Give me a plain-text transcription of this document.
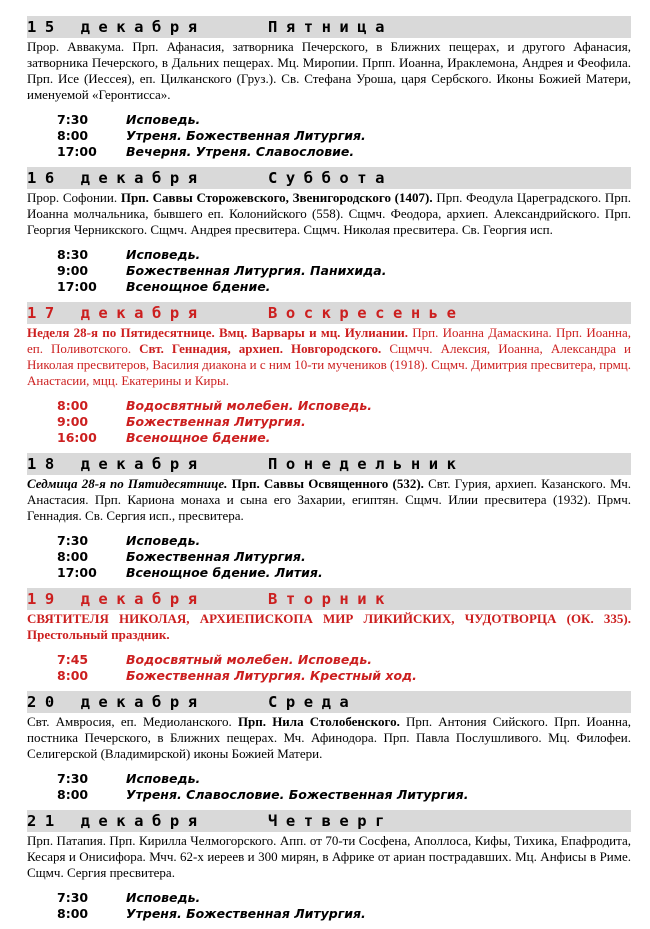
15 декабря	Пятница
Прор. Аввакума. Прп. Афанасия, затворника Печерского, в Ближних пещерах, и другого Афанасия, затворника Печерского, в Дальних пещерах. Мц. Миропии. Прпп. Иоанна, Ираклемона, Андрея и Феофила. Прп. Исе (Иессея), еп. Цилканского (Груз.). Св. Стефана Уроша, царя Сербского. Иконы Божией Матери, именуемой «Геронтисса».
7:30	Исповедь.
8:00	Утреня. Божественная Литургия.
17:00 Вечерня. Утреня. Славословие.
16 декабря	Суббота
Прор. Софонии. Прп. Саввы Сторожевского, Звенигородского (1407). Прп. Феодула Цареградского. Прп. Иоанна молчальника, бывшего еп. Колонийского (558). Сщмч. Феодора, архиеп. Александрийского. Прп. Георгия Черникского. Сщмч. Андрея пресвитера. Сщмч. Николая пресвитера. Св. Георгия исп.
8:30	Исповедь.
9:00	Божественная Литургия. Панихида.
17:00 Всенощное бдение.
17 декабря	Воскресенье
Неделя 28-я по Пятидесятнице. Вмц. Варвары и мц. Иулиании. Прп. Иоанна Дамаскина. Прп. Иоанна, еп. Поливотского. Свт. Геннадия, архиеп. Новгородского. Сщмчч. Алексия, Иоанна, Александра и Николая пресвитеров, Василия диакона и с ним 10-ти мучеников (1918). Сщмч. Димитрия пресвитера, прмц. Анастасии, мцц. Екатерины и Киры.
8:00	Водосвятный молебен. Исповедь.
9:00	Божественная Литургия.
16:00 Всенощное бдение.
18 декабря	Понедельник
Седмица 28-я по Пятидесятнице. Прп. Саввы Освященного (532). Свт. Гурия, архиеп. Казанского. Мч. Анастасия. Прп. Кариона монаха и сына его Захарии, египтян. Сщмч. Илии пресвитера (1932). Прмч. Геннадия. Св. Сергия исп., пресвитера.
7:30	Исповедь.
8:00	Божественная Литургия.
17:00 Всенощное бдение. Лития.
19 декабря	Вторник
СВЯТИТЕЛЯ НИКОЛАЯ, АРХИЕПИСКОПА МИР ЛИКИЙСКИХ, ЧУДОТВОРЦА (ОК. 335). Престольный праздник.
7:45	Водосвятный молебен. Исповедь.
8:00	Божественная Литургия. Крестный ход.
20 декабря	Среда
Свт. Амвросия, еп. Медиоланского. Прп. Нила Столобенского. Прп. Антония Сийского. Прп. Иоанна, постника Печерского, в Ближних пещерах. Мч. Афинодора. Прп. Павла Послушливого. Мц. Филофеи. Селигерской (Владимирской) иконы Божией Матери.
7:30	Исповедь.
8:00	Утреня. Славословие. Божественная Литургия.
21 декабря	Четверг
Прп. Патапия. Прп. Кирилла Челмогорского. Апп. от 70-ти Сосфена, Аполлоса, Кифы, Тихика, Епафродита, Кесаря и Онисифора. Мчч. 62-х иереев и 300 мирян, в Африке от ариан пострадавших. Мц. Анфисы в Риме. Сщмч. Сергия пресвитера.
7:30	Исповедь.
8:00	Утреня. Божественная Литургия.
